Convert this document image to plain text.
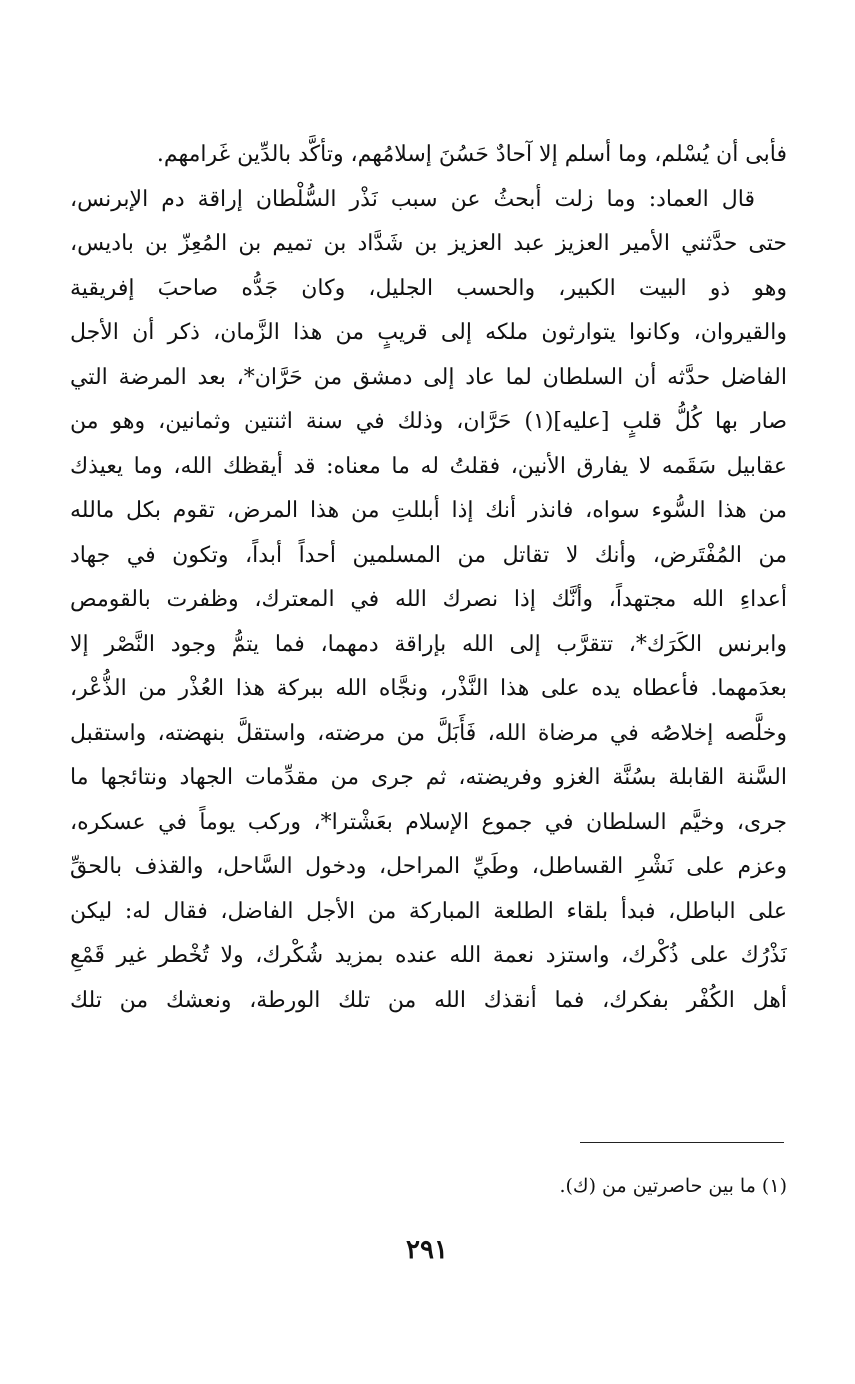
فأبى أن يُسْلم، وما أسلم إلا آحادٌ حَسُنَ إسلامُهم، وتأكَّد بالدِّين غَرامهم.
قال العماد: وما زلت أبحثُ عن سبب نَذْر السُّلْطان إراقة دم الإبرنس،
حتى حدَّثني الأمير العزيز عبد العزيز بن شَدَّاد بن تميم بن المُعِزّ بن باديس،
وهو ذو البيت الكبير، والحسب الجليل، وكان جَدُّه صاحبَ إفريقية
والقيروان، وكانوا يتوارثون ملكه إلى قريبٍ من هذا الزَّمان، ذكر أن الأجل
الفاضل حدَّثه أن السلطان لما عاد إلى دمشق من حَرَّان*، بعد المرضة التي
صار بها كُلُّ قلبٍ [عليه](١) حَرَّان، وذلك في سنة اثنتين وثمانين، وهو من
عقابيل سَقَمه لا يفارق الأنين، فقلتُ له ما معناه: قد أيقظك الله، وما يعيذك
من هذا السُّوء سواه، فانذر أنك إذا أبللتِ من هذا المرض، تقوم بكل مالله
من المُفْتَرض، وأنك لا تقاتل من المسلمين أحداً أبداً، وتكون في جهاد
أعداءِ الله مجتهداً، وأنَّك إذا نصرك الله في المعترك، وظفرت بالقومص
وابرنس الكَرَك*، تتقرَّب إلى الله بإراقة دمهما، فما يتمُّ وجود النَّصْر إلا
بعدَمهما. فأعطاه يده على هذا النَّذْر، ونجَّاه الله ببركة هذا العُذْر من الذُّعْر،
وخلَّصه إخلاصُه في مرضاة الله، فَأَبَلَّ من مرضته، واستقلَّ بنهضته، واستقبل
السَّنة القابلة بسُنَّة الغزو وفريضته، ثم جرى من مقدِّمات الجهاد ونتائجها ما
جرى، وخيَّم السلطان في جموع الإسلام بعَشْترا*، وركب يوماً في عسكره،
وعزم على نَشْرِ القساطل، وطَيِّ المراحل، ودخول السَّاحل، والقذف بالحقِّ
على الباطل، فبدأ بلقاء الطلعة المباركة من الأجل الفاضل، فقال له: ليكن
نَذْرُك على ذُكْرك، واستزد نعمة الله عنده بمزيد شُكْرك، ولا تُخْطر غير قَمْعِ
أهل الكُفْر بفكرك، فما أنقذك الله من تلك الورطة، ونعشك من تلك
(١) ما بين حاصرتين من (ك).
٢٩١
